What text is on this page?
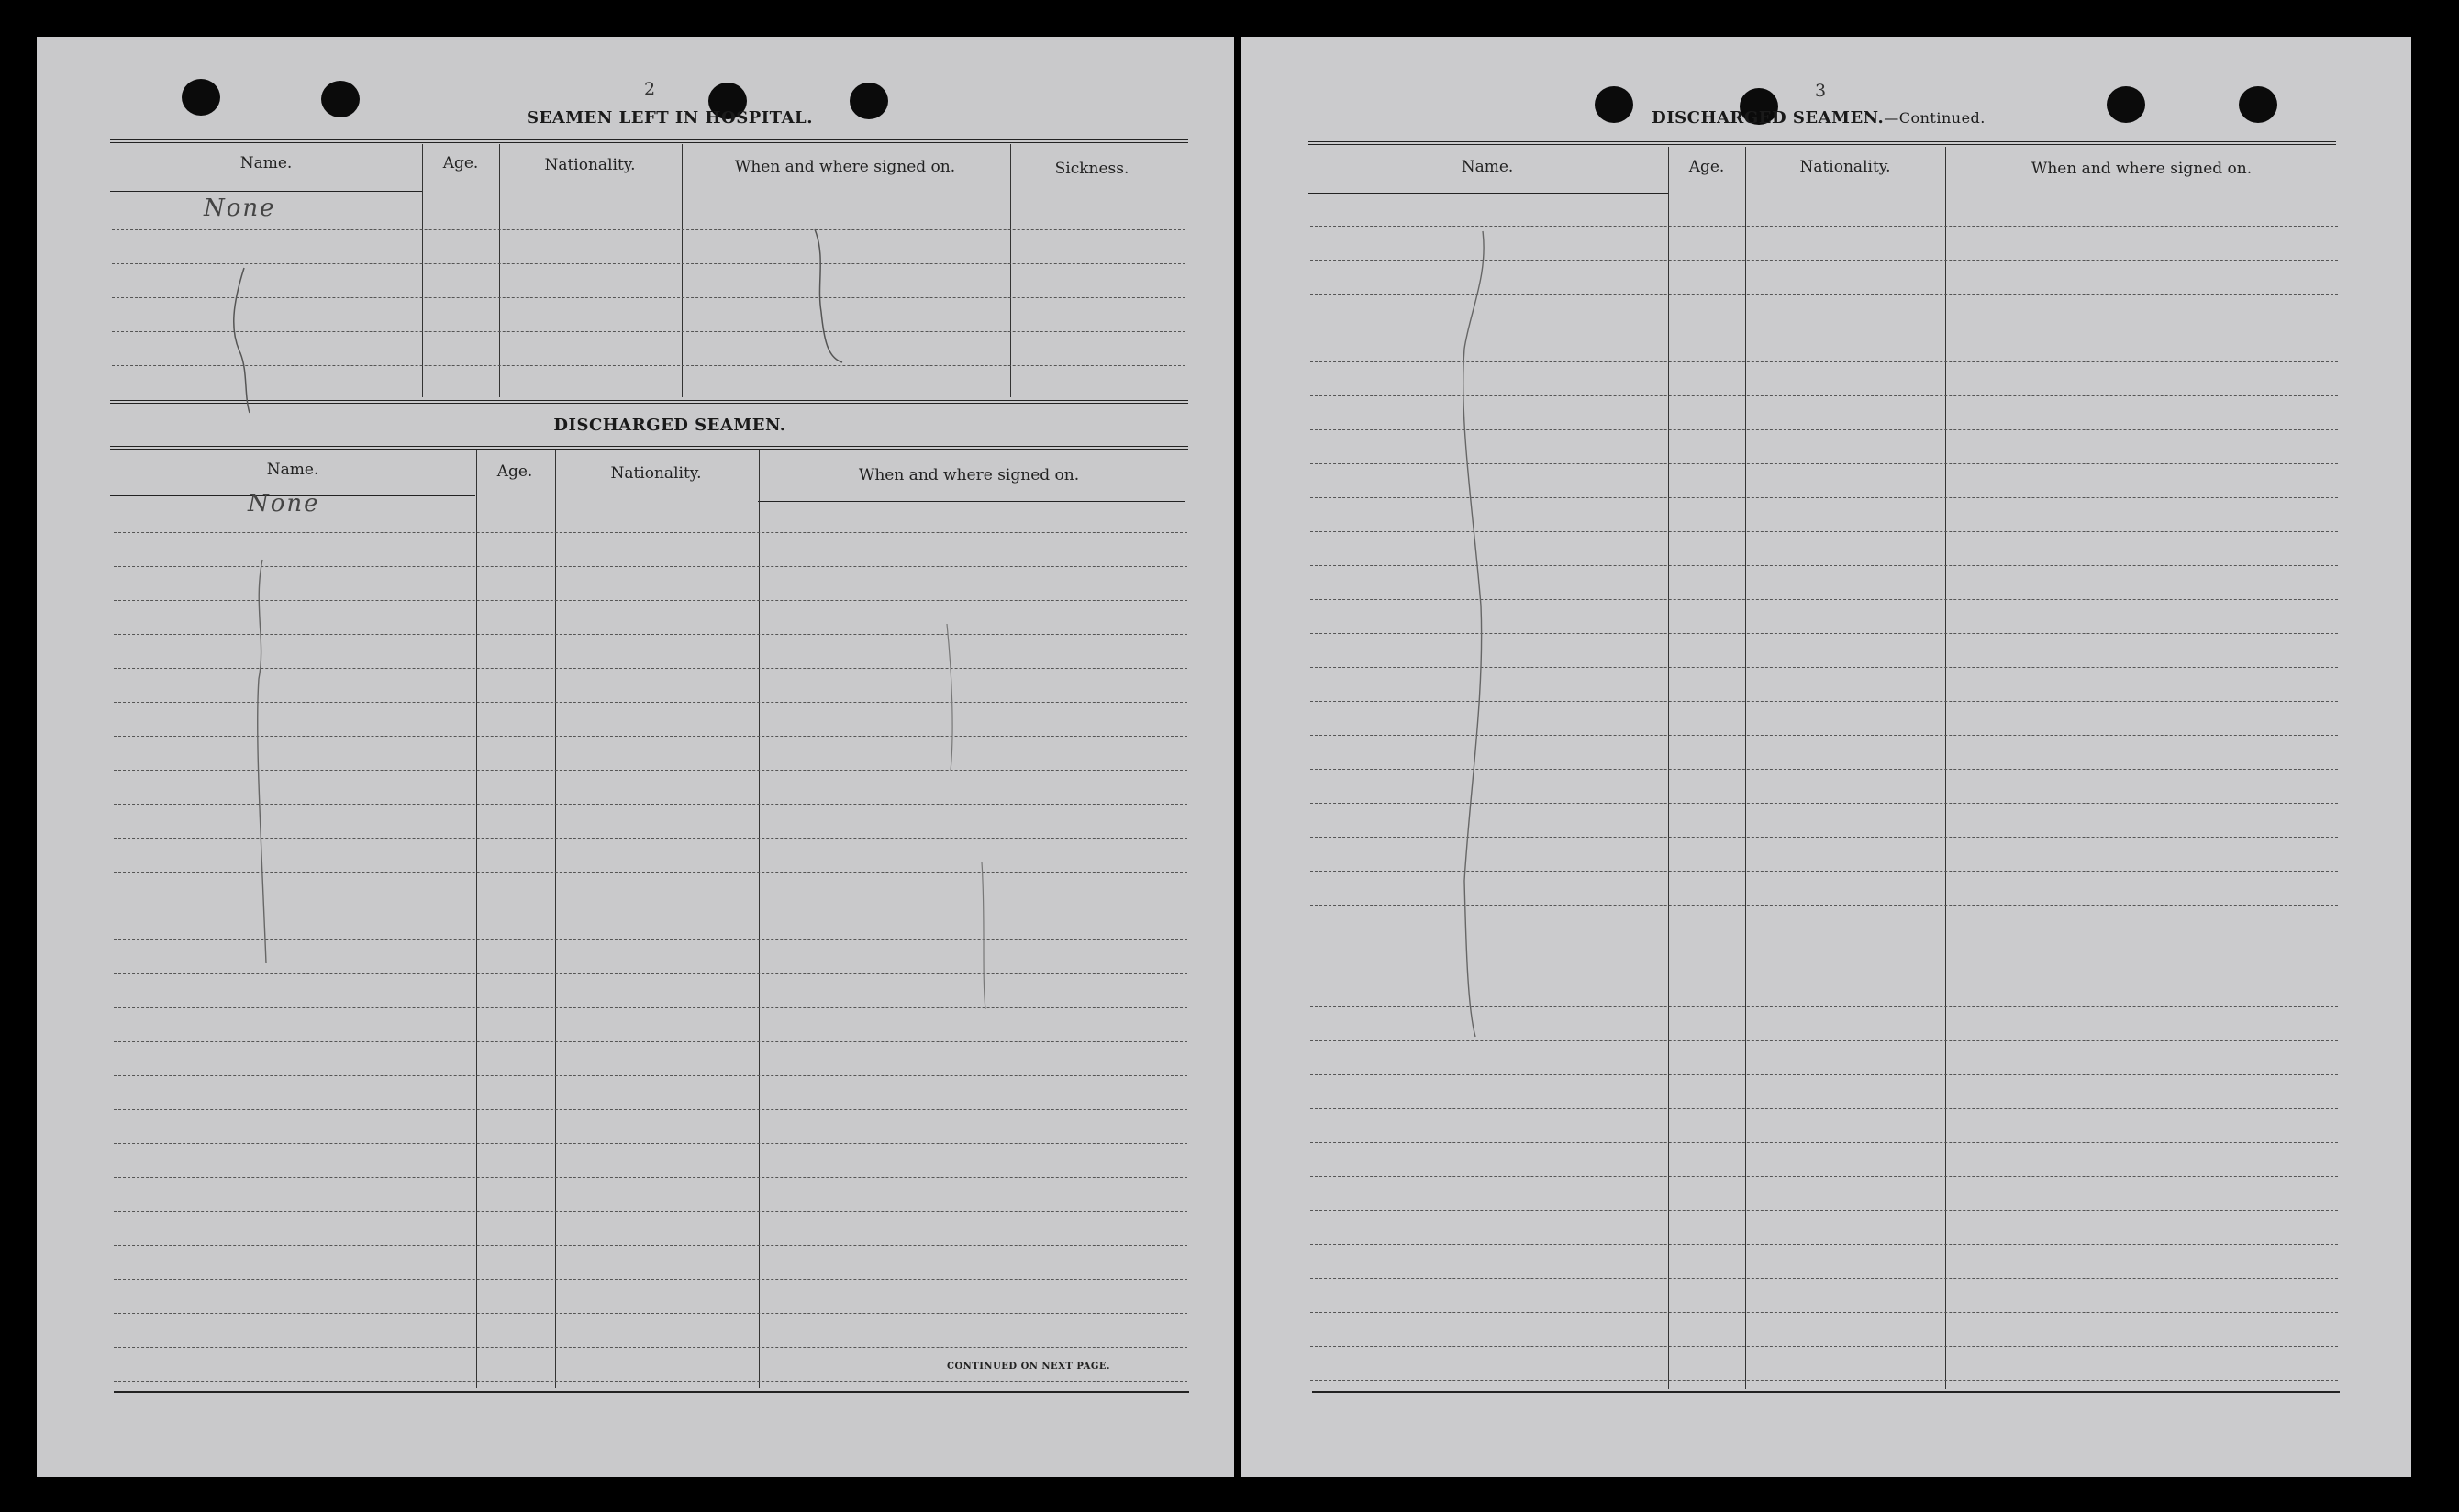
2
SEAMEN LEFT IN HOSPITAL.
Name.	Age.	Nationality.	When and where signed on.	Sickness.
None
DISCHARGED SEAMEN.
Name.	Age.	Nationality.	When and where signed on.
None
CONTINUED ON NEXT PAGE.
3
DISCHARGED SEAMEN.—Continued.
Name.	Age.	Nationality.	When and where signed on.
